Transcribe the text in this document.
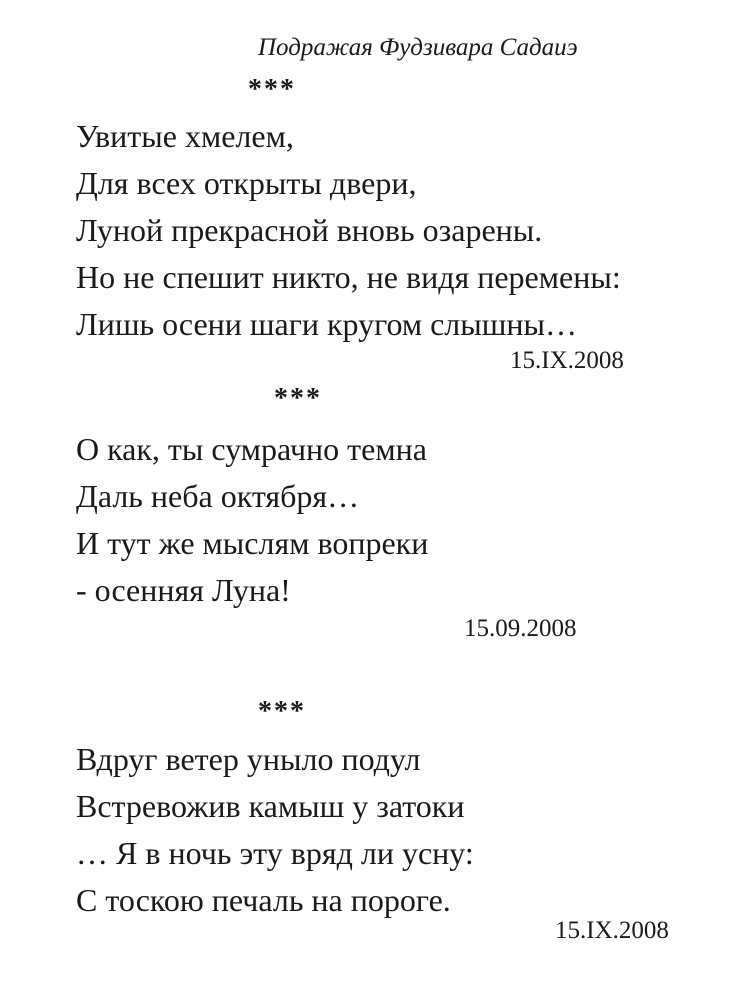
Подражая Фудзивара Садаиэ
***
Увитые хмелем,
Для всех открыты двери,
Луной прекрасной вновь озарены.
Но не спешит никто, не видя перемены:
Лишь осени шаги кругом слышны…
15.IX.2008
***
О как, ты сумрачно темна
Даль неба октября…
И тут же мыслям вопреки
- осенняя Луна!
15.09.2008
***
Вдруг ветер уныло подул
Встревожив камыш у затоки
… Я в ночь эту вряд ли усну:
С тоскою печаль на пороге.
15.IX.2008
